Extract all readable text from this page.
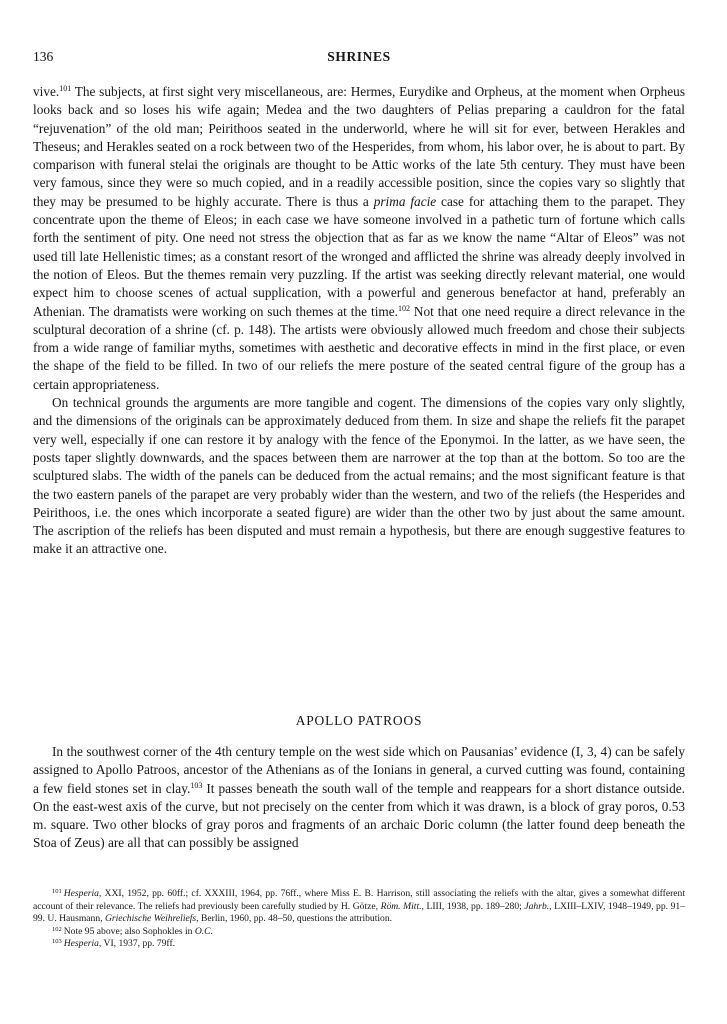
136	SHRINES

vive.$^{101}$ The subjects, at first sight very miscellaneous, are: Hermes, Eurydike and Orpheus, at the moment when Orpheus looks back and so loses his wife again; Medea and the two daughters of Pelias preparing a cauldron for the fatal “rejuvenation” of the old man; Peirithoos seated in the underworld, where he will sit for ever, between Herakles and Theseus; and Herakles seated on a rock between two of the Hesperides, from whom, his labor over, he is about to part. By comparison with funeral stelai the originals are thought to be Attic works of the late 5th century. They must have been very famous, since they were so much copied, and in a readily accessible position, since the copies vary so slightly that they may be presumed to be highly accurate. There is thus a prima facie case for attaching them to the parapet. They concentrate upon the theme of Eleos; in each case we have someone involved in a pathetic turn of fortune which calls forth the sentiment of pity. One need not stress the objection that as far as we know the name “Altar of Eleos” was not used till late Hellenistic times; as a constant resort of the wronged and afflicted the shrine was already deeply involved in the notion of Eleos. But the themes remain very puzzling. If the artist was seeking directly relevant material, one would expect him to choose scenes of actual supplication, with a powerful and generous benefactor at hand, preferably an Athenian. The dramatists were working on such themes at the time.$^{102}$ Not that one need require a direct relevance in the sculptural decoration of a shrine (cf. p. 148). The artists were obviously allowed much freedom and chose their subjects from a wide range of familiar myths, sometimes with aesthetic and decorative effects in mind in the first place, or even the shape of the field to be filled. In two of our reliefs the mere posture of the seated central figure of the group has a certain appropriateness.

On technical grounds the arguments are more tangible and cogent. The dimensions of the copies vary only slightly, and the dimensions of the originals can be approximately deduced from them. In size and shape the reliefs fit the parapet very well, especially if one can restore it by analogy with the fence of the Eponymoi. In the latter, as we have seen, the posts taper slightly downwards, and the spaces between them are narrower at the top than at the bottom. So too are the sculptured slabs. The width of the panels can be deduced from the actual remains; and the most significant feature is that the two eastern panels of the parapet are very probably wider than the western, and two of the reliefs (the Hesperides and Peirithoos, i.e. the ones which incorporate a seated figure) are wider than the other two by just about the same amount. The ascription of the reliefs has been disputed and must remain a hypothesis, but there are enough suggestive features to make it an attractive one.

APOLLO PATROOS

In the southwest corner of the 4th century temple on the west side which on Pausanias’ evidence (I, 3, 4) can be safely assigned to Apollo Patroos, ancestor of the Athenians as of the Ionians in general, a curved cutting was found, containing a few field stones set in clay.$^{103}$ It passes beneath the south wall of the temple and reappears for a short distance outside. On the east-west axis of the curve, but not precisely on the center from which it was drawn, is a block of gray poros, 0.53 m. square. Two other blocks of gray poros and fragments of an archaic Doric column (the latter found deep beneath the Stoa of Zeus) are all that can possibly be assigned

$^{101}$ Hesperia, XXI, 1952, pp. 60ff.; cf. XXXIII, 1964, pp. 76ff., where Miss E. B. Harrison, still associating the reliefs with the altar, gives a somewhat different account of their relevance. The reliefs had previously been carefully studied by H. Götze, Röm. Mitt., LIII, 1938, pp. 189–280; Jahrb., LXIII–LXIV, 1948–1949, pp. 91–99. U. Hausmann, Griechische Weihreliefs, Berlin, 1960, pp. 48–50, questions the attribution.

$^{102}$ Note 95 above; also Sophokles in O.C.

$^{103}$ Hesperia, VI, 1937, pp. 79ff.
